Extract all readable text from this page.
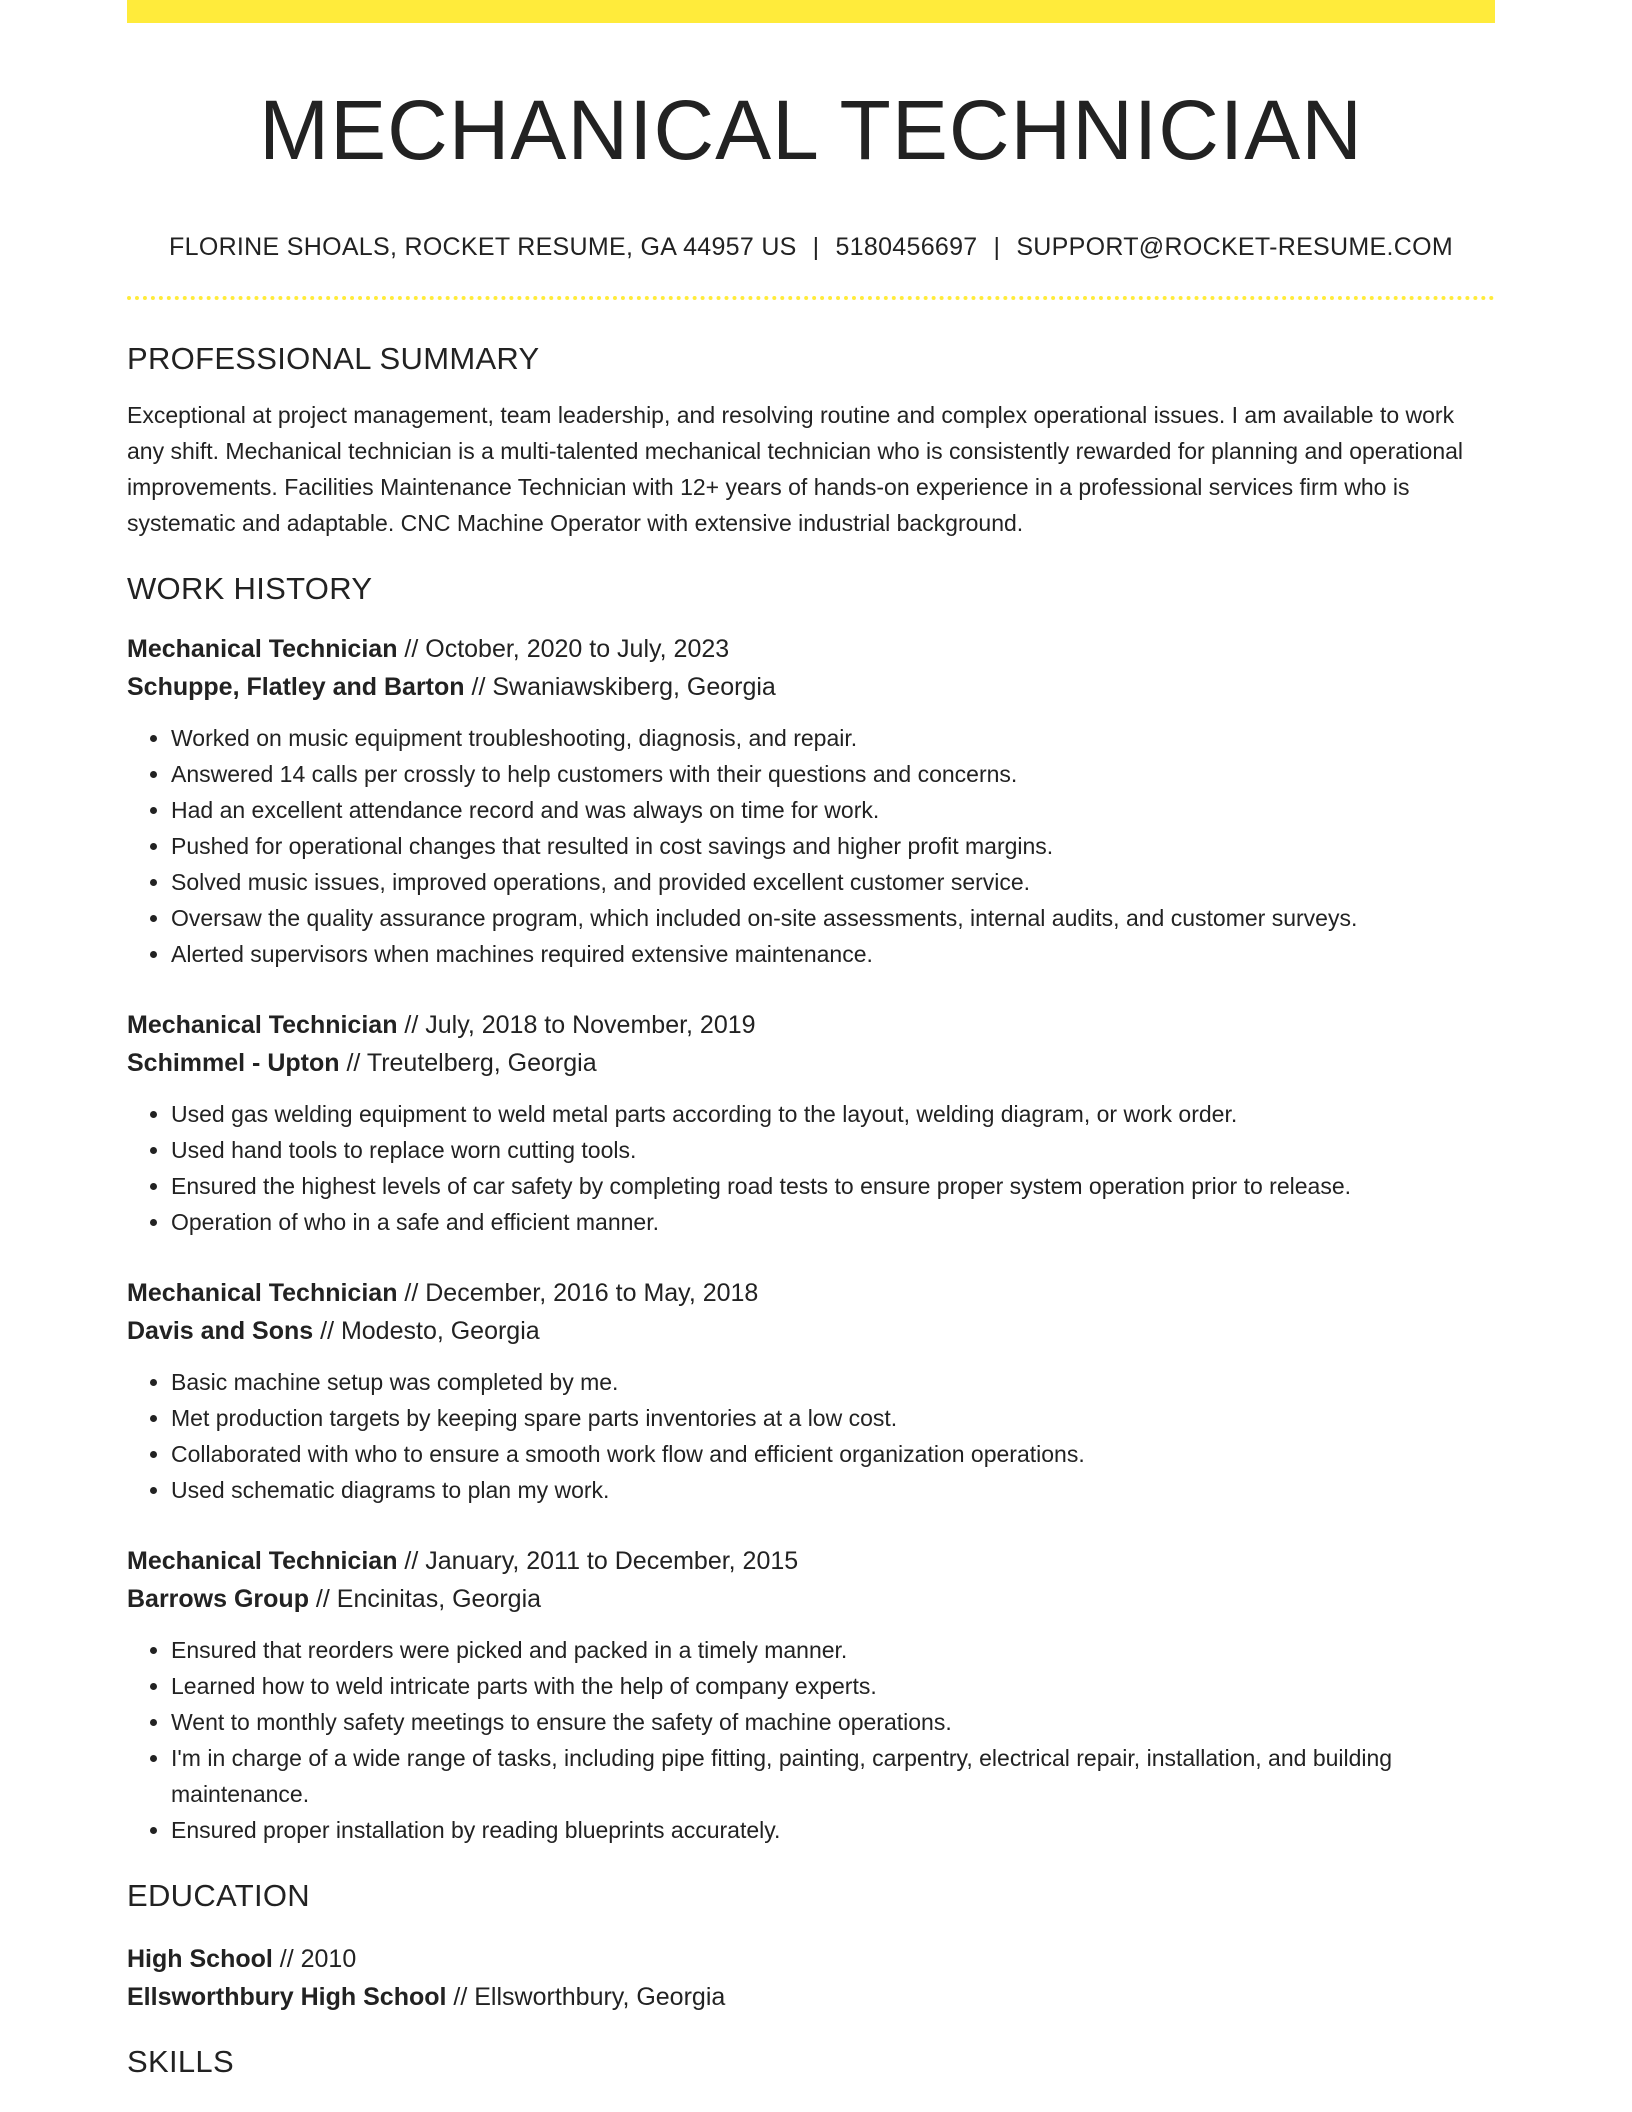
MECHANICAL TECHNICIAN
FLORINE SHOALS, ROCKET RESUME, GA 44957 US | 5180456697 | SUPPORT@ROCKET-RESUME.COM
PROFESSIONAL SUMMARY
Exceptional at project management, team leadership, and resolving routine and complex operational issues. I am available to work any shift. Mechanical technician is a multi-talented mechanical technician who is consistently rewarded for planning and operational improvements. Facilities Maintenance Technician with 12+ years of hands-on experience in a professional services firm who is systematic and adaptable. CNC Machine Operator with extensive industrial background.
WORK HISTORY
Mechanical Technician // October, 2020 to July, 2023
Schuppe, Flatley and Barton // Swaniawskiberg, Georgia
• Worked on music equipment troubleshooting, diagnosis, and repair.
• Answered 14 calls per crossly to help customers with their questions and concerns.
• Had an excellent attendance record and was always on time for work.
• Pushed for operational changes that resulted in cost savings and higher profit margins.
• Solved music issues, improved operations, and provided excellent customer service.
• Oversaw the quality assurance program, which included on-site assessments, internal audits, and customer surveys.
• Alerted supervisors when machines required extensive maintenance.
Mechanical Technician // July, 2018 to November, 2019
Schimmel - Upton // Treutelberg, Georgia
• Used gas welding equipment to weld metal parts according to the layout, welding diagram, or work order.
• Used hand tools to replace worn cutting tools.
• Ensured the highest levels of car safety by completing road tests to ensure proper system operation prior to release.
• Operation of who in a safe and efficient manner.
Mechanical Technician // December, 2016 to May, 2018
Davis and Sons // Modesto, Georgia
• Basic machine setup was completed by me.
• Met production targets by keeping spare parts inventories at a low cost.
• Collaborated with who to ensure a smooth work flow and efficient organization operations.
• Used schematic diagrams to plan my work.
Mechanical Technician // January, 2011 to December, 2015
Barrows Group // Encinitas, Georgia
• Ensured that reorders were picked and packed in a timely manner.
• Learned how to weld intricate parts with the help of company experts.
• Went to monthly safety meetings to ensure the safety of machine operations.
• I'm in charge of a wide range of tasks, including pipe fitting, painting, carpentry, electrical repair, installation, and building maintenance.
• Ensured proper installation by reading blueprints accurately.
EDUCATION
High School // 2010
Ellsworthbury High School // Ellsworthbury, Georgia
SKILLS
